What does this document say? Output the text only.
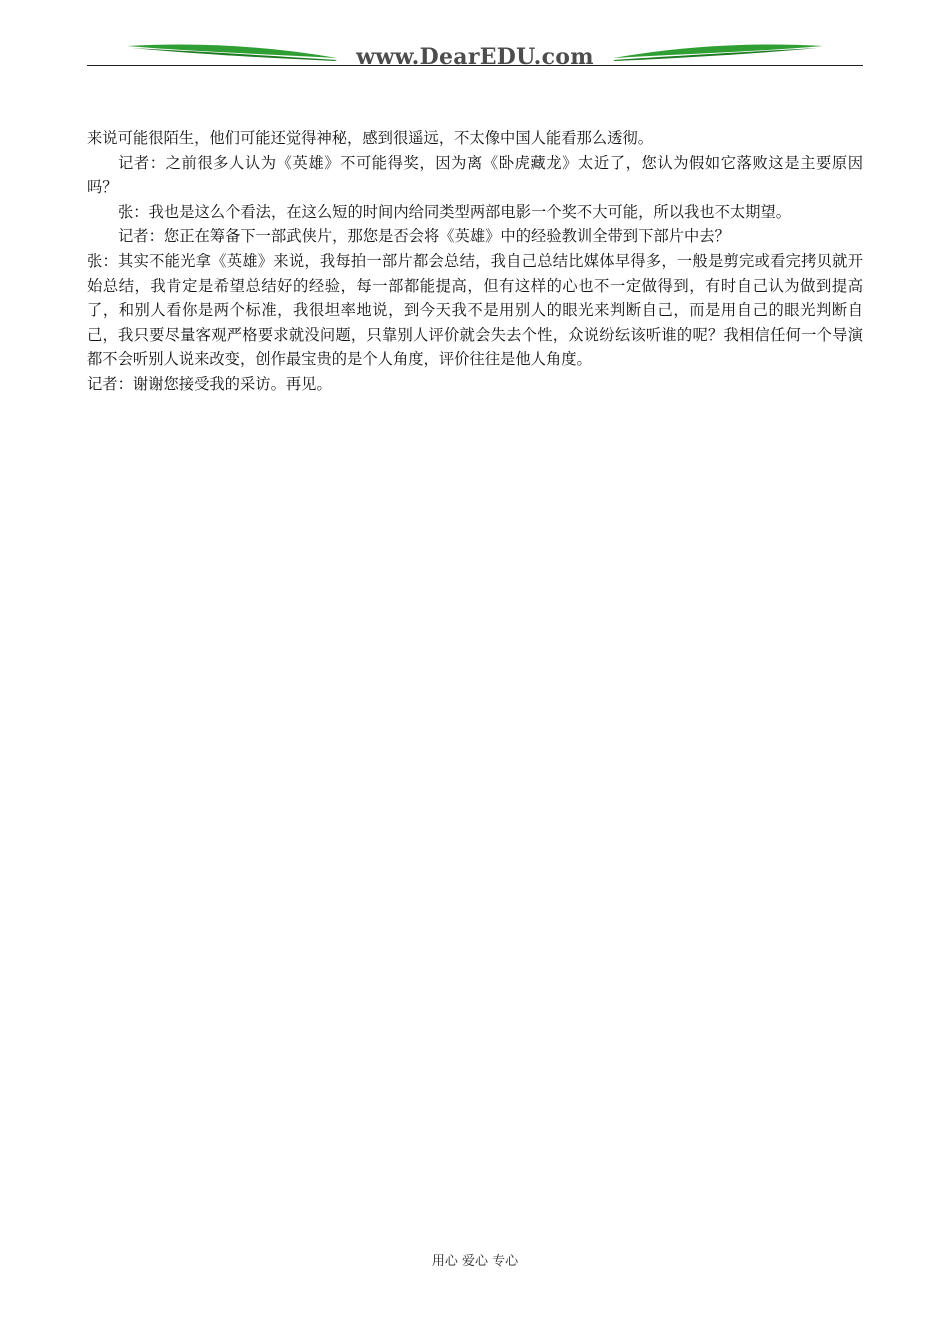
www.DearEDU.com

来说可能很陌生，他们可能还觉得神秘，感到很遥远，不太像中国人能看那么透彻。

记者：之前很多人认为《英雄》不可能得奖，因为离《卧虎藏龙》太近了，您认为假如它落败这是主要原因吗？

张：我也是这么个看法，在这么短的时间内给同类型两部电影一个奖不大可能，所以我也不太期望。

记者：您正在筹备下一部武侠片，那您是否会将《英雄》中的经验教训全带到下部片中去？

张：其实不能光拿《英雄》来说，我每拍一部片都会总结，我自己总结比媒体早得多，一般是剪完或看完拷贝就开始总结，我肯定是希望总结好的经验，每一部都能提高，但有这样的心也不一定做得到，有时自己认为做到提高了，和别人看你是两个标准，我很坦率地说，到今天我不是用别人的眼光来判断自己，而是用自己的眼光判断自己，我只要尽量客观严格要求就没问题，只靠别人评价就会失去个性，众说纷纭该听谁的呢？我相信任何一个导演都不会听别人说来改变，创作最宝贵的是个人角度，评价往往是他人角度。

记者：谢谢您接受我的采访。再见。

用心 爱心 专心
